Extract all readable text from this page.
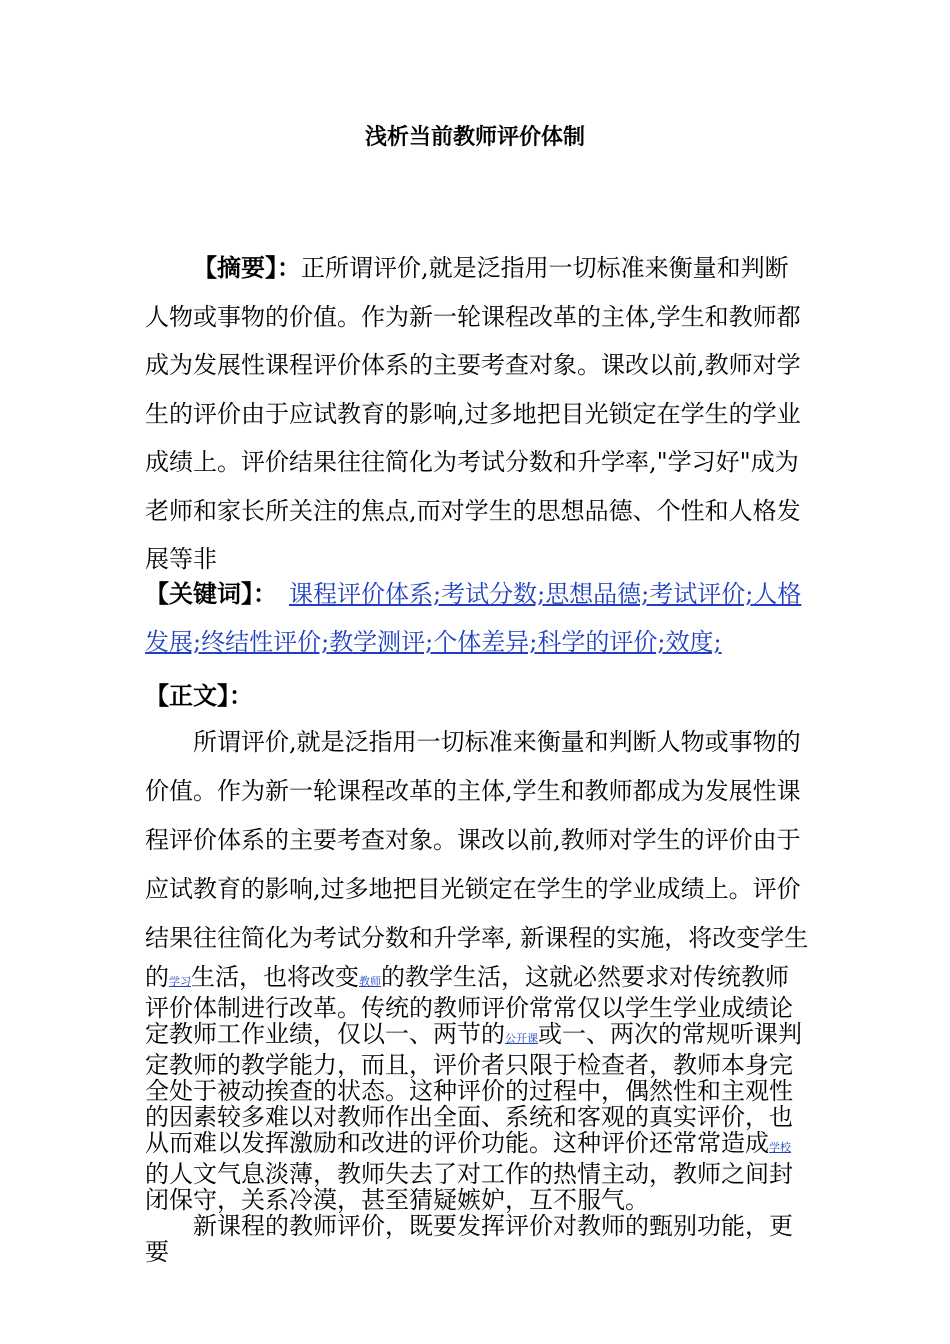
浅析当前教师评价体制
【摘要】：正所谓评价,就是泛指用一切标准来衡量和判断人物或事物的价值。作为新一轮课程改革的主体,学生和教师都成为发展性课程评价体系的主要考查对象。课改以前,教师对学生的评价由于应试教育的影响,过多地把目光锁定在学生的学业成绩上。评价结果往往简化为考试分数和升学率,"学习好"成为老师和家长所关注的焦点,而对学生的思想品德、个性和人格发展等非
【关键词】： 课程评价体系;考试分数;思想品德;考试评价;人格发展;终结性评价;教学测评;个体差异;科学的评价;效度;
【正文】：
所谓评价,就是泛指用一切标准来衡量和判断人物或事物的价值。作为新一轮课程改革的主体,学生和教师都成为发展性课程评价体系的主要考查对象。课改以前,教师对学生的评价由于应试教育的影响,过多地把目光锁定在学生的学业成绩上。评价结果往往简化为考试分数和升学率, 新课程的实施，将改变学生
的学习生活，也将改变教师的教学生活，这就必然要求对传统教师评价体制进行改革。传统的教师评价常常仅以学生学业成绩论定教师工作业绩，仅以一、两节的公开课或一、两次的常规听课判定教师的教学能力，而且，评价者只限于检查者，教师本身完全处于被动挨查的状态。这种评价的过程中，偶然性和主观性的因素较多难以对教师作出全面、系统和客观的真实评价，也从而难以发挥激励和改进的评价功能。这种评价还常常造成学校的人文气息淡薄，教师失去了对工作的热情主动，教师之间封闭保守，关系冷漠，甚至猜疑嫉妒，互不服气。
新课程的教师评价，既要发挥评价对教师的甄别功能，更要
